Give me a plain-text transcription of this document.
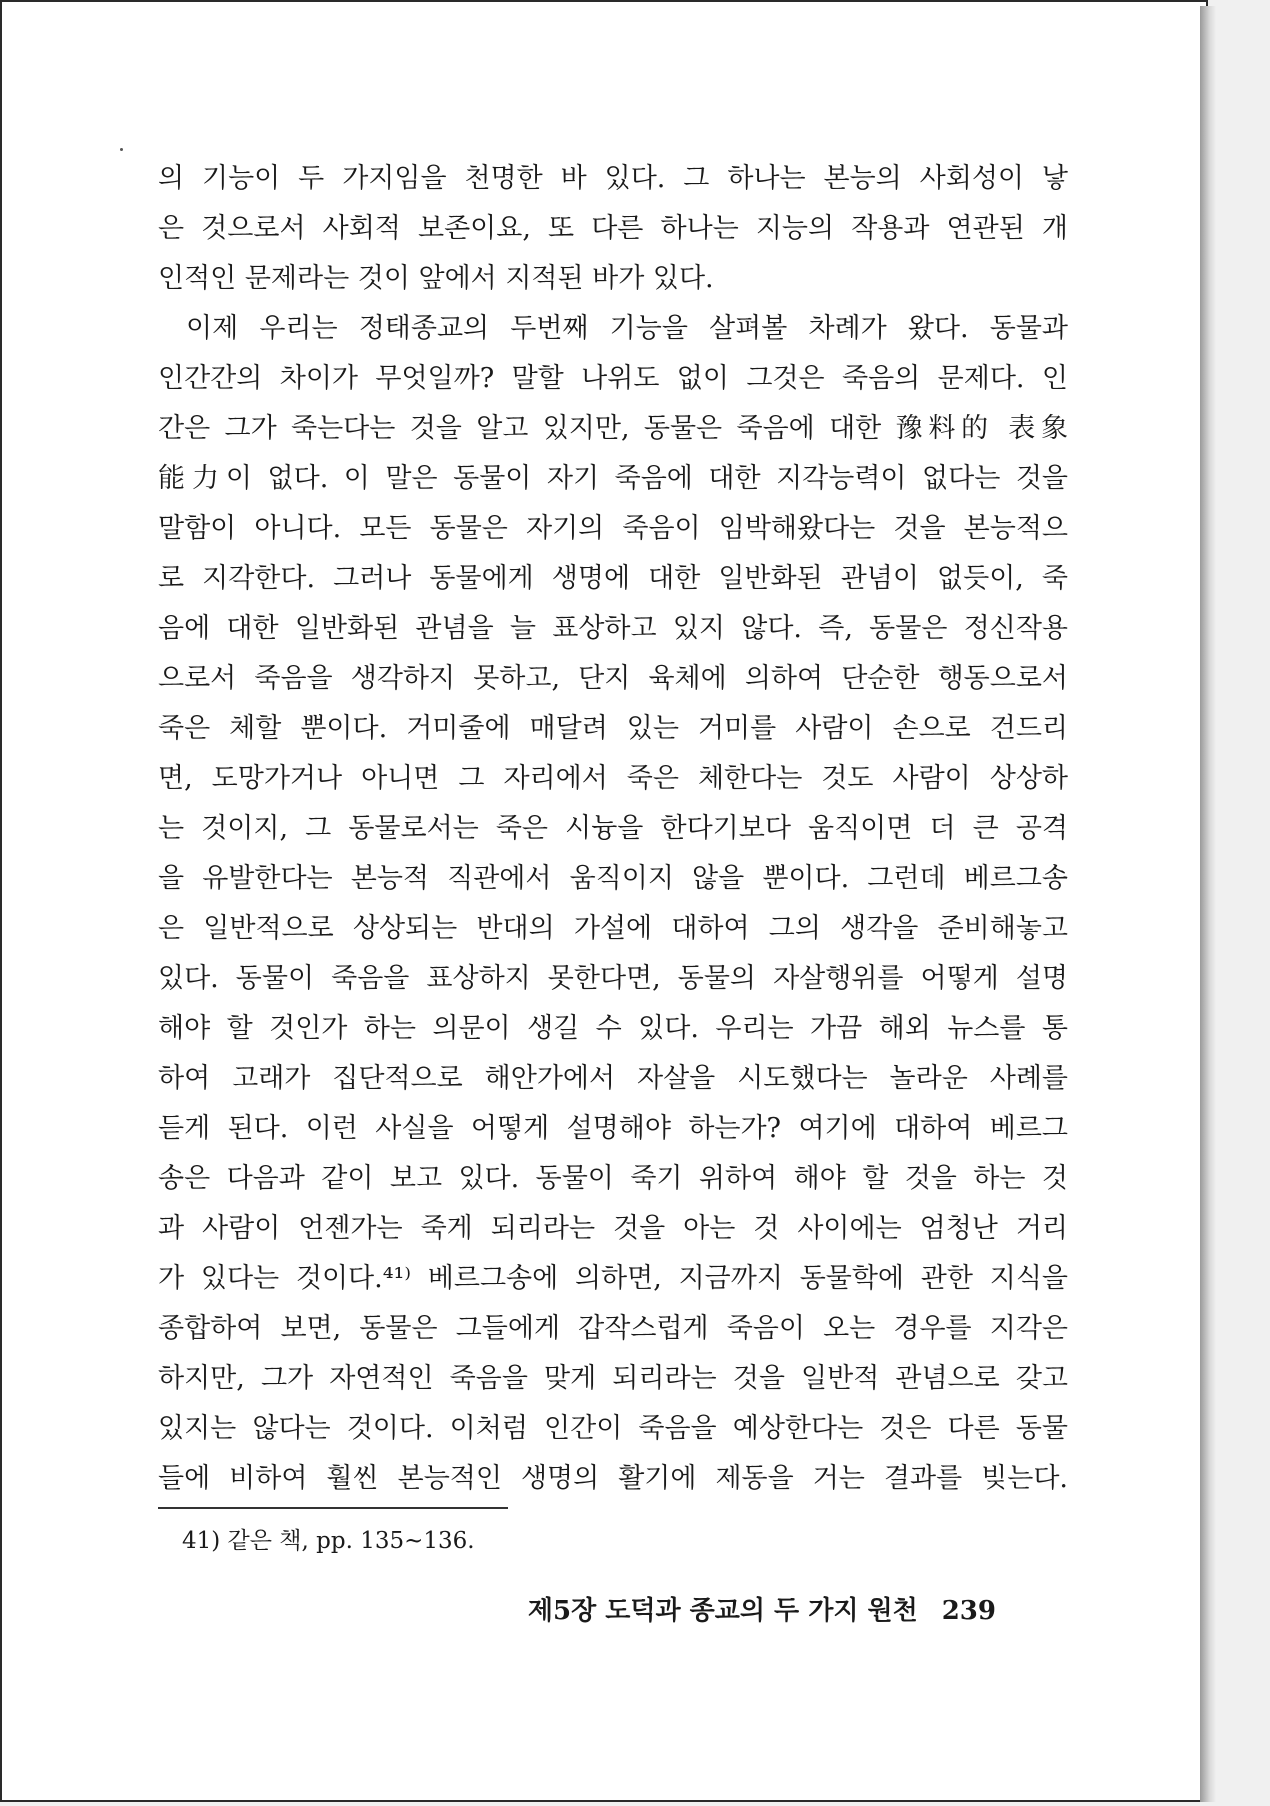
의 기능이 두 가지임을 천명한 바 있다. 그 하나는 본능의 사회성이 낳
은 것으로서 사회적 보존이요, 또 다른 하나는 지능의 작용과 연관된 개
인적인 문제라는 것이 앞에서 지적된 바가 있다.
이제 우리는 정태종교의 두번째 기능을 살펴볼 차례가 왔다. 동물과
인간간의 차이가 무엇일까? 말할 나위도 없이 그것은 죽음의 문제다. 인
간은 그가 죽는다는 것을 알고 있지만, 동물은 죽음에 대한 豫料的 表象
能力이 없다. 이 말은 동물이 자기 죽음에 대한 지각능력이 없다는 것을
말함이 아니다. 모든 동물은 자기의 죽음이 임박해왔다는 것을 본능적으
로 지각한다. 그러나 동물에게 생명에 대한 일반화된 관념이 없듯이, 죽
음에 대한 일반화된 관념을 늘 표상하고 있지 않다. 즉, 동물은 정신작용
으로서 죽음을 생각하지 못하고, 단지 육체에 의하여 단순한 행동으로서
죽은 체할 뿐이다. 거미줄에 매달려 있는 거미를 사람이 손으로 건드리
면, 도망가거나 아니면 그 자리에서 죽은 체한다는 것도 사람이 상상하
는 것이지, 그 동물로서는 죽은 시늉을 한다기보다 움직이면 더 큰 공격
을 유발한다는 본능적 직관에서 움직이지 않을 뿐이다. 그런데 베르그송
은 일반적으로 상상되는 반대의 가설에 대하여 그의 생각을 준비해놓고
있다. 동물이 죽음을 표상하지 못한다면, 동물의 자살행위를 어떻게 설명
해야 할 것인가 하는 의문이 생길 수 있다. 우리는 가끔 해외 뉴스를 통
하여 고래가 집단적으로 해안가에서 자살을 시도했다는 놀라운 사례를
듣게 된다. 이런 사실을 어떻게 설명해야 하는가? 여기에 대하여 베르그
송은 다음과 같이 보고 있다. 동물이 죽기 위하여 해야 할 것을 하는 것
과 사람이 언젠가는 죽게 되리라는 것을 아는 것 사이에는 엄청난 거리
가 있다는 것이다.⁴¹⁾ 베르그송에 의하면, 지금까지 동물학에 관한 지식을
종합하여 보면, 동물은 그들에게 갑작스럽게 죽음이 오는 경우를 지각은
하지만, 그가 자연적인 죽음을 맞게 되리라는 것을 일반적 관념으로 갖고
있지는 않다는 것이다. 이처럼 인간이 죽음을 예상한다는 것은 다른 동물
들에 비하여 훨씬 본능적인 생명의 활기에 제동을 거는 결과를 빚는다.
41) 같은 책, pp. 135~136.
제5장 도덕과 종교의 두 가지 원천 239
